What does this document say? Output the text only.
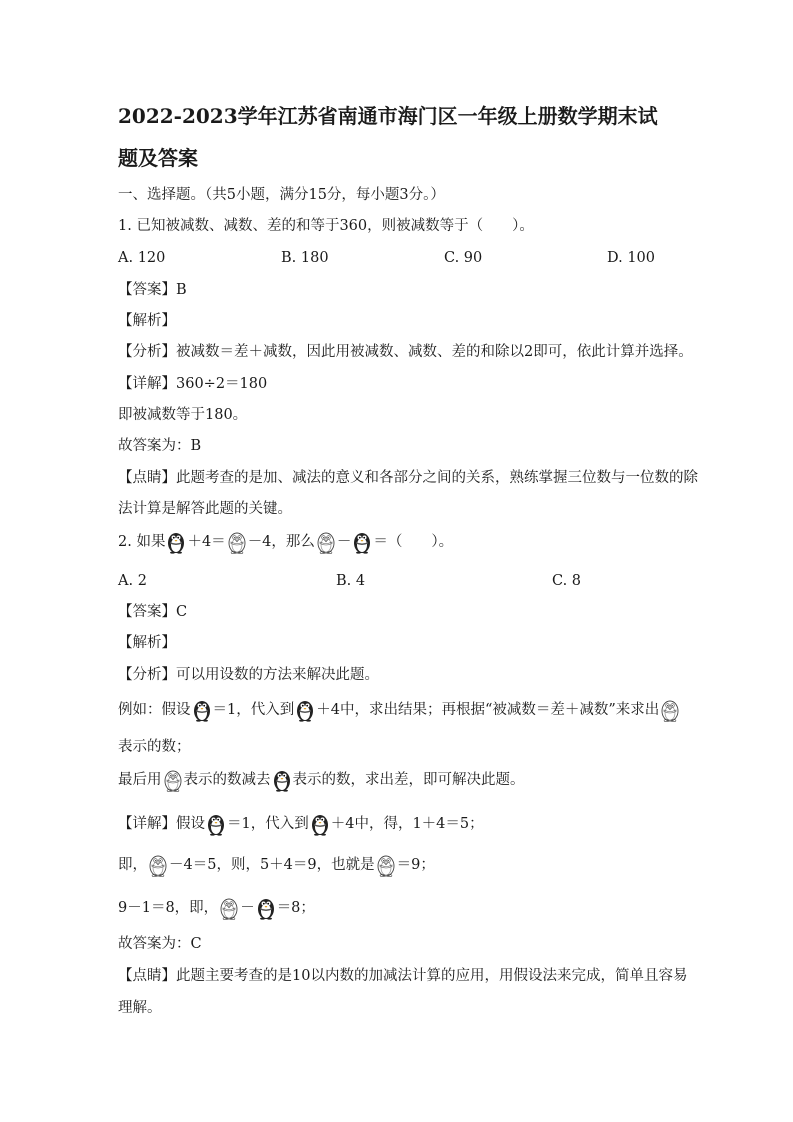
2022-2023学年江苏省南通市海门区一年级上册数学期末试
题及答案
一、选择题。（共5小题，满分15分，每小题3分。）
1. 已知被减数、减数、差的和等于360，则被减数等于（　　）。
A. 120	B. 180	C. 90	D. 100
【答案】B
【解析】
【分析】被减数＝差＋减数，因此用被减数、减数、差的和除以2即可，依此计算并选择。
【详解】360÷2＝180
即被减数等于180。
故答案为：B
【点睛】此题考查的是加、减法的意义和各部分之间的关系，熟练掌握三位数与一位数的除
法计算是解答此题的关键。
2. 如果 ＋4＝ －4，那么 － ＝（　　）。
A. 2	B. 4	C. 8
【答案】C
【解析】
【分析】可以用设数的方法来解决此题。
例如：假设 ＝1，代入到 ＋4中，求出结果；再根据“被减数＝差＋减数”来求出
表示的数；
最后用 表示的数减去 表示的数，求出差，即可解决此题。
【详解】假设 ＝1，代入到 ＋4中，得，1＋4＝5；
即， －4＝5，则，5＋4＝9，也就是 ＝9；
9－1＝8，即， － ＝8；
故答案为：C
【点睛】此题主要考查的是10以内数的加减法计算的应用，用假设法来完成，简单且容易
理解。
